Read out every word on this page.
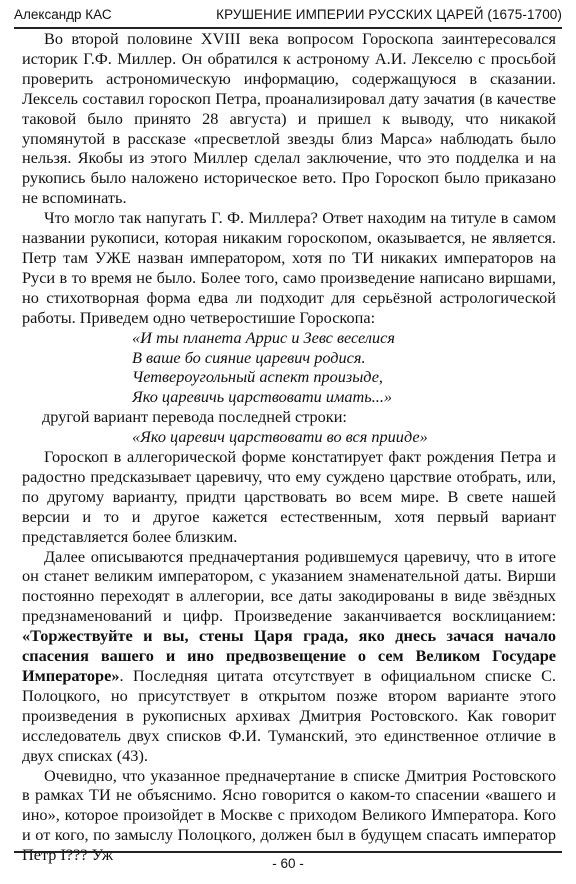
Александр КАС	КРУШЕНИЕ ИМПЕРИИ РУССКИХ ЦАРЕЙ (1675-1700)

Во второй половине XVIII века вопросом Гороскопа заинтересовался историк Г.Ф. Миллер. Он обратился к астроному А.И. Лекселю с просьбой проверить астрономическую информацию, содержащуюся в сказании. Лексель составил гороскоп Петра, проанализировал дату зачатия (в качестве таковой было принято 28 августа) и пришел к выводу, что никакой упомянутой в рассказе «пресветлой звезды близ Марса» наблюдать было нельзя. Якобы из этого Миллер сделал заключение, что это подделка и на рукопись было наложено историческое вето. Про Гороскоп было приказано не вспоминать.

Что могло так напугать Г. Ф. Миллера? Ответ находим на титуле в самом названии рукописи, которая никаким гороскопом, оказывается, не является. Петр там УЖЕ назван императором, хотя по ТИ никаких императоров на Руси в то время не было. Более того, само произведение написано виршами, но стихотворная форма едва ли подходит для серьёзной астрологической работы. Приведем одно четверостишие Гороскопа:

«И ты планета Аррис и Зевс веселися

В ваше бо сияние царевич родися.

Четвероугольный аспект произыде,

Яко царевичь царствовати имать...»

другой вариант перевода последней строки:

«Яко царевич царствовати во вся прииде»

Гороскоп в аллегорической форме констатирует факт рождения Петра и радостно предсказывает царевичу, что ему суждено царствие отобрать, или, по другому варианту, придти царствовать во всем мире. В свете нашей версии и то и другое кажется естественным, хотя первый вариант представляется более близким.

Далее описываются предначертания родившемуся царевичу, что в итоге он станет великим императором, с указанием знаменательной даты. Вирши постоянно переходят в аллегории, все даты закодированы в виде звёздных предзнаменований и цифр. Произведение заканчивается восклицанием: «Торжествуйте и вы, стены Царя града, яко днесь зачася начало спасения вашего и ино предвозвещение о сем Великом Государе Императоре». Последняя цитата отсутствует в официальном списке С. Полоцкого, но присутствует в открытом позже втором варианте этого произведения в рукописных архивах Дмитрия Ростовского. Как говорит исследователь двух списков Ф.И. Туманский, это единственное отличие в двух списках (43).

Очевидно, что указанное предначертание в списке Дмитрия Ростовского в рамках ТИ не объяснимо. Ясно говорится о каком-то спасении «вашего и ино», которое произойдет в Москве с приходом Великого Императора. Кого и от кого, по замыслу Полоцкого, должен был в будущем спасать император Петр I??? Уж	- 60 -
